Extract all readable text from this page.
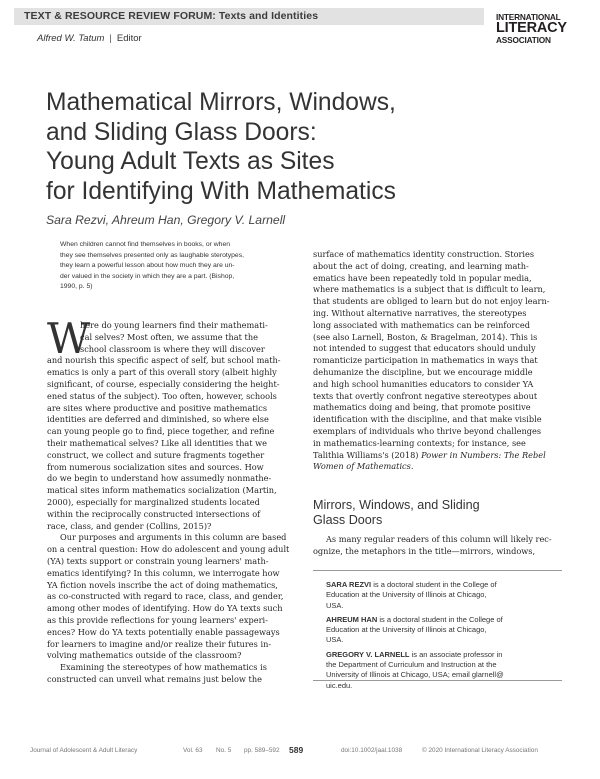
TEXT & RESOURCE REVIEW FORUM: Texts and Identities
Alfred W. Tatum | Editor
INTERNATIONAL
LITERACY
ASSOCIATION
Mathematical Mirrors, Windows,
and Sliding Glass Doors:
Young Adult Texts as Sites
for Identifying With Mathematics
Sara Rezvi, Ahreum Han, Gregory V. Larnell
When children cannot find themselves in books, or when
they see themselves presented only as laughable sterotypes,
they learn a powerful lesson about how much they are un-
der valued in the society in which they are a part. (Bishop,
1990, p. 5)
W
here do young learners find their mathemati-
cal selves? Most often, we assume that the
school classroom is where they will discover
and nourish this specific aspect of self, but school math-
ematics is only a part of this overall story (albeit highly
significant, of course, especially considering the height-
ened status of the subject). Too often, however, schools
are sites where productive and positive mathematics
identities are deferred and diminished, so where else
can young people go to find, piece together, and refine
their mathematical selves? Like all identities that we
construct, we collect and suture fragments together
from numerous socialization sites and sources. How
do we begin to understand how assumedly nonmathe-
matical sites inform mathematics socialization (Martin,
2000), especially for marginalized students located
within the reciprocally constructed intersections of
race, class, and gender (Collins, 2015)?
Our purposes and arguments in this column are based
on a central question: How do adolescent and young adult
(YA) texts support or constrain young learners' math-
ematics identifying? In this column, we interrogate how
YA fiction novels inscribe the act of doing mathematics,
as co-constructed with regard to race, class, and gender,
among other modes of identifying. How do YA texts such
as this provide reflections for young learners' experi-
ences? How do YA texts potentially enable passageways
for learners to imagine and/or realize their futures in-
volving mathematics outside of the classroom?
Examining the stereotypes of how mathematics is
constructed can unveil what remains just below the
surface of mathematics identity construction. Stories
about the act of doing, creating, and learning math-
ematics have been repeatedly told in popular media,
where mathematics is a subject that is difficult to learn,
that students are obliged to learn but do not enjoy learn-
ing. Without alternative narratives, the stereotypes
long associated with mathematics can be reinforced
(see also Larnell, Boston, & Bragelman, 2014). This is
not intended to suggest that educators should unduly
romanticize participation in mathematics in ways that
dehumanize the discipline, but we encourage middle
and high school humanities educators to consider YA
texts that overtly confront negative stereotypes about
mathematics doing and being, that promote positive
identification with the discipline, and that make visible
exemplars of individuals who thrive beyond challenges
in mathematics-learning contexts; for instance, see
Talithia Williams's (2018) Power in Numbers: The Rebel
Women of Mathematics.
Mirrors, Windows, and Sliding
Glass Doors
As many regular readers of this column will likely rec-
ognize, the metaphors in the title—mirrors, windows,
SARA REZVI is a doctoral student in the College of
Education at the University of Illinois at Chicago,
USA.
AHREUM HAN is a doctoral student in the College of
Education at the University of Illinois at Chicago,
USA.
GREGORY V. LARNELL is an associate professor in
the Department of Curriculum and Instruction at the
University of Illinois at Chicago, USA; email glarnell@
uic.edu.
Journal of Adolescent & Adult Literacy	Vol. 63 No. 5 pp. 589–592 589	doi:10.1002/jaal.1038	© 2020 International Literacy Association
